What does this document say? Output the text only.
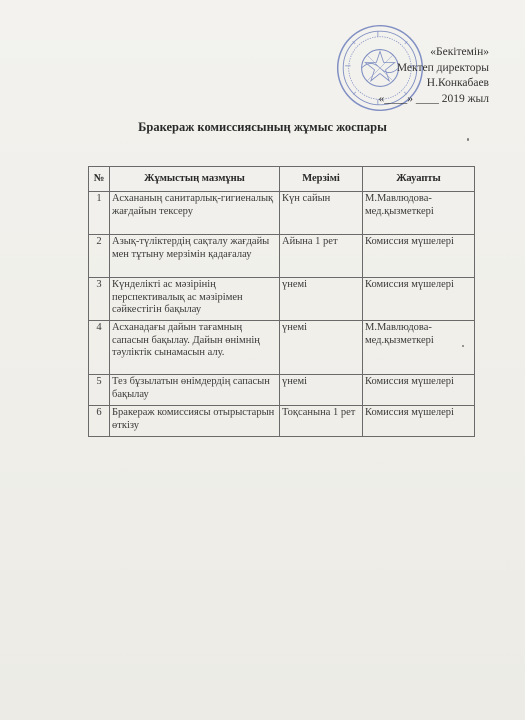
«Бекітемін»
Мектеп директоры
Н.Конкабаев
«____» ____ 2019 жыл
Бракераж комиссиясының жұмыс жоспары
№	Жұмыстың мазмұны	Мерзімі	Жауапты
1	Асхананың санитарлық-гигиеналық жағдайын тексеру	Күн сайын	М.Мавлюдова-мед.қызметкері
2	Азық-түліктердің сақталу жағдайы мен тұтыну мерзімін қадағалау	Айына 1 рет	Комиссия мүшелері
3	Күнделікті ас мәзірінің перспективалық ас мәзірімен сәйкестігін бақылау	үнемі	Комиссия мүшелері
4	Асханадағы дайын тағамның сапасын бақылау. Дайын өнімнің тәуліктік сынамасын алу.	үнемі	М.Мавлюдова-мед.қызметкері
5	Тез бұзылатын өнімдердің сапасын бақылау	үнемі	Комиссия мүшелері
6	Бракераж комиссиясы отырыстарын өткізу	Тоқсанына 1 рет	Комиссия мүшелері
